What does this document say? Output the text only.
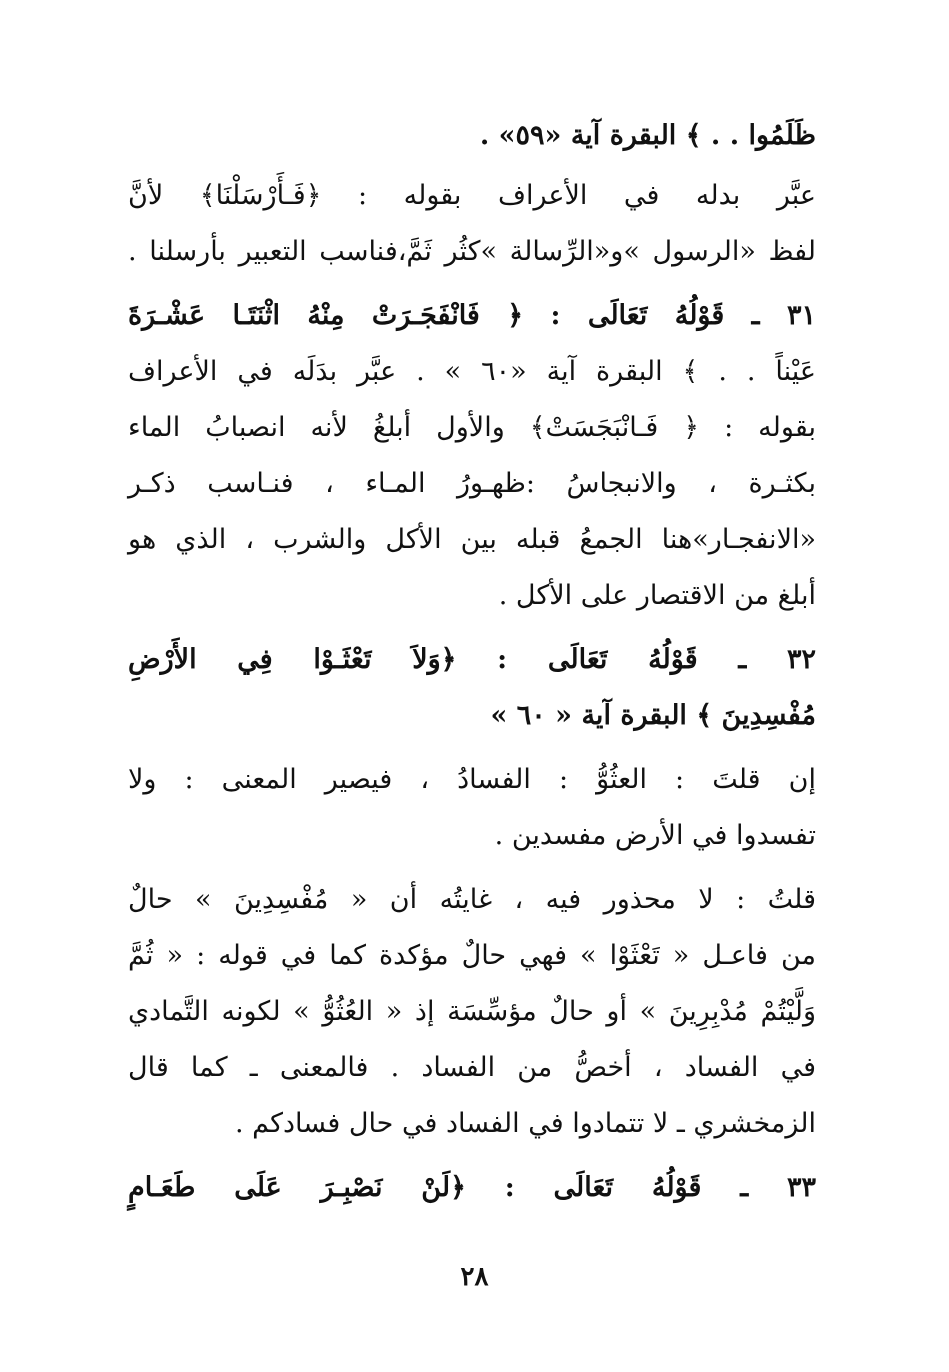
ظَلَمُوا . . ﴾ البقرة آية «٥٩» .
عبَّر بدله في الأعراف بقوله : ﴿فَـأَرْسَلْنَا﴾ لأنَّ
لفظ «الرسول »و«الرِّسالة »كثُر ثَمَّ،فناسب التعبير بأرسلنا .
٣١ ـ قَوْلُهُ تَعَالَى : ﴿ فَانْفَجَـرَتْ مِنْهُ اثْنَتَـا عَشْـرَةَ
عَيْناً . . ﴾ البقرة آية «٦٠ » . عبَّر بدَلَه في الأعراف
بقوله : ﴿ فَـانْبَجَسَتْ﴾ والأول أبلغُ لأنه انصبابُ الماء
بكثـرة ، والانبجاسُ :ظهـورُ المـاء ، فنـاسب ذكـر
«الانفجـار»هنا الجمعُ قبله بين الأكل والشرب ، الذي هو
أبلغ من الاقتصار على الأكل .
٣٢ ـ قَوْلُهُ تَعَالَى : ﴿وَلاَ تَعْثَـوْا فِي الأَرْضِ
مُفْسِدِينَ ﴾ البقرة آية « ٦٠ »
إن قلتَ : العثُوُّ : الفسادُ ، فيصير المعنى : ولا
تفسدوا في الأرض مفسدين .
قلتُ : لا محذور فيه ، غايتُه أن « مُفْسِدِينَ » حالٌ
من فاعـل « تَعْثَوْا » فهي حالٌ مؤكدة كما في قوله : « ثُمَّ
وَلَّيْتُمْ مُدْبِرِينَ » أو حالٌ مؤسِّسَة إذ « العُثُوُّ » لكونه التَّمادي
في الفساد ، أخصُّ من الفساد . فالمعنى ـ كما قال
الزمخشري ـ لا تتمادوا في الفساد في حال فسادكم .
٣٣ ـ قَوْلُهُ تَعَالَى : ﴿لَنْ نَصْبِـرَ عَلَى طَعَـامٍ
٢٨
